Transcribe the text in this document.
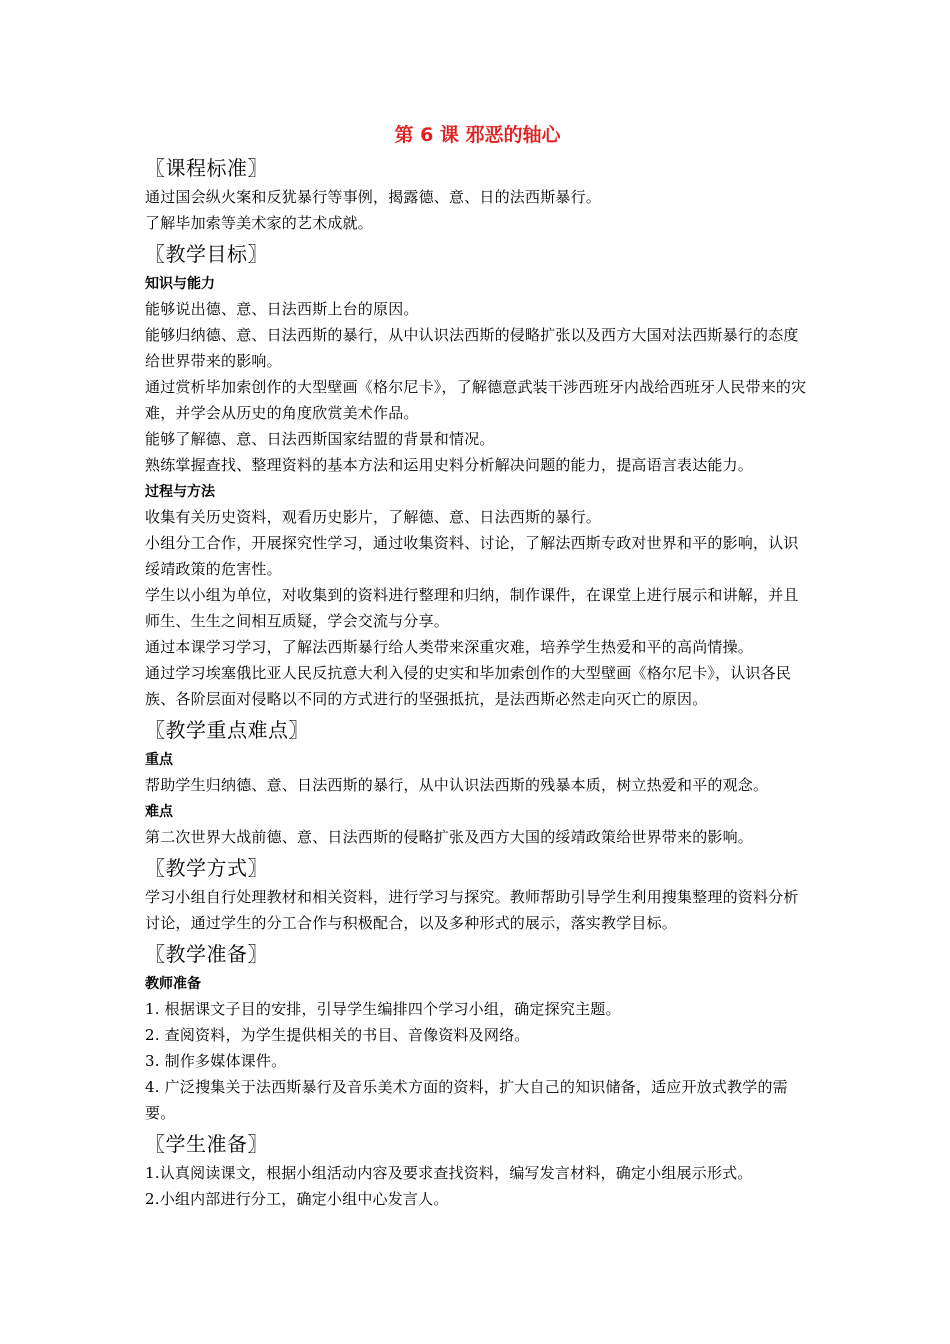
第 6 课 邪恶的轴心
〖课程标准〗

通过国会纵火案和反犹暴行等事例，揭露德、意、日的法西斯暴行。

了解毕加索等美术家的艺术成就。

〖教学目标〗
知识与能力

能够说出德、意、日法西斯上台的原因。

能够归纳德、意、日法西斯的暴行，从中认识法西斯的侵略扩张以及西方大国对法西斯暴行的态度给世界带来的影响。

通过赏析毕加索创作的大型壁画《格尔尼卡》，了解德意武装干涉西班牙内战给西班牙人民带来的灾难，并学会从历史的角度欣赏美术作品。

能够了解德、意、日法西斯国家结盟的背景和情况。

熟练掌握查找、整理资料的基本方法和运用史料分析解决问题的能力，提高语言表达能力。

过程与方法

收集有关历史资料，观看历史影片，了解德、意、日法西斯的暴行。

小组分工合作，开展探究性学习，通过收集资料、讨论，了解法西斯专政对世界和平的影响，认识绥靖政策的危害性。

学生以小组为单位，对收集到的资料进行整理和归纳，制作课件，在课堂上进行展示和讲解，并且师生、生生之间相互质疑，学会交流与分享。

通过本课学习学习，了解法西斯暴行给人类带来深重灾难，培养学生热爱和平的高尚情操。

通过学习埃塞俄比亚人民反抗意大利入侵的史实和毕加索创作的大型壁画《格尔尼卡》，认识各民族、各阶层面对侵略以不同的方式进行的坚强抵抗，是法西斯必然走向灭亡的原因。

〖教学重点难点〗
重点

帮助学生归纳德、意、日法西斯的暴行，从中认识法西斯的残暴本质，树立热爱和平的观念。

难点

第二次世界大战前德、意、日法西斯的侵略扩张及西方大国的绥靖政策给世界带来的影响。

〖教学方式〗

学习小组自行处理教材和相关资料，进行学习与探究。教师帮助引导学生利用搜集整理的资料分析讨论，通过学生的分工合作与积极配合，以及多种形式的展示，落实教学目标。

〖教学准备〗
教师准备

1. 根据课文子目的安排，引导学生编排四个学习小组，确定探究主题。

2. 查阅资料，为学生提供相关的书目、音像资料及网络。

3. 制作多媒体课件。

4. 广泛搜集关于法西斯暴行及音乐美术方面的资料，扩大自己的知识储备，适应开放式教学的需要。

〖学生准备〗

1.认真阅读课文，根据小组活动内容及要求查找资料，编写发言材料，确定小组展示形式。

2.小组内部进行分工，确定小组中心发言人。
